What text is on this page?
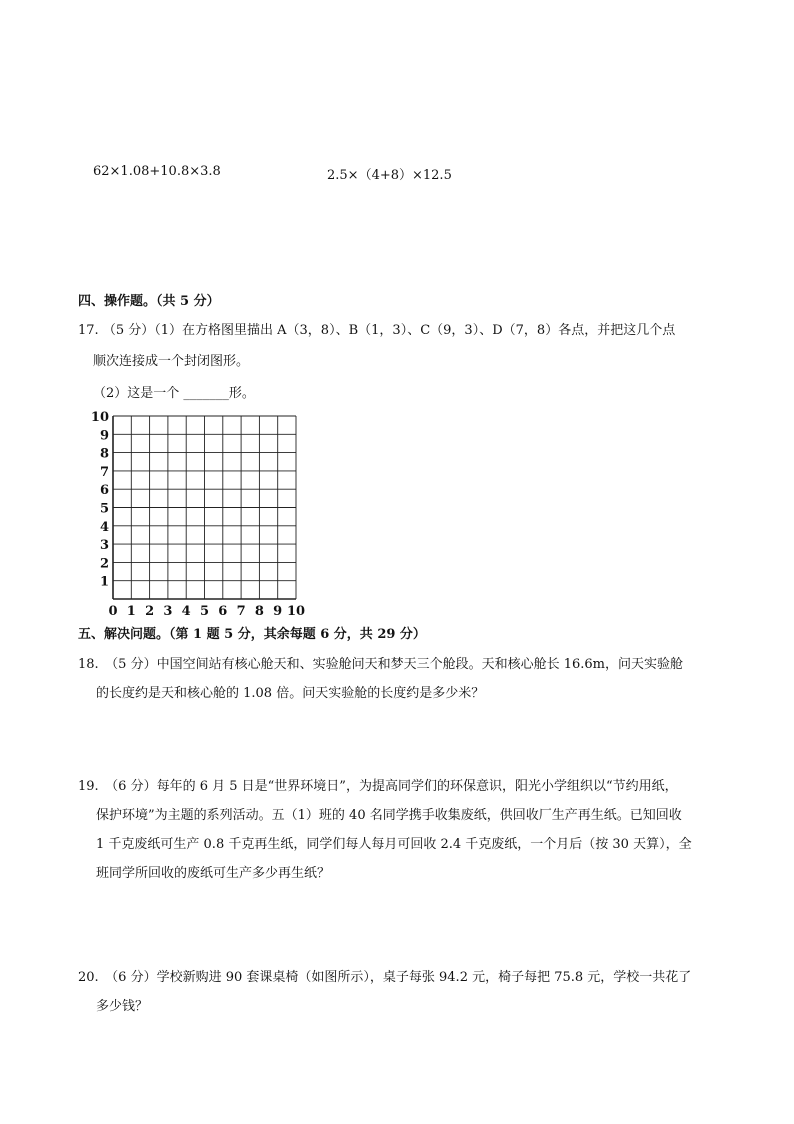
62×1.08+10.8×3.8	2.5×（4+8）×12.5
四、操作题。（共 5 分）
17. （5 分）（1）在方格图里描出 A（3，8）、B（1，3）、C（9，3）、D（7，8）各点，并把这几个点
顺次连接成一个封闭图形。
（2）这是一个 _______形。
0 1 2 3 4 5 6 7 8 9 10
1
2
3
4
5
6
7
8
9
10
五、解决问题。（第 1 题 5 分，其余每题 6 分，共 29 分）
18.　（5 分）中国空间站有核心舱天和、实验舱问天和梦天三个舱段。天和核心舱长 16.6m，问天实验舱
的长度约是天和核心舱的 1.08 倍。问天实验舱的长度约是多少米？
19.　（6 分）每年的 6 月 5 日是“世界环境日”，为提高同学们的环保意识，阳光小学组织以“节约用纸，
保护环境”为主题的系列活动。五（1）班的 40 名同学携手收集废纸，供回收厂生产再生纸。已知回收
1 千克废纸可生产 0.8 千克再生纸，同学们每人每月可回收 2.4 千克废纸，一个月后（按 30 天算），全
班同学所回收的废纸可生产多少再生纸？
20.　（6 分）学校新购进 90 套课桌椅（如图所示），桌子每张 94.2 元，椅子每把 75.8 元，学校一共花了
多少钱？
